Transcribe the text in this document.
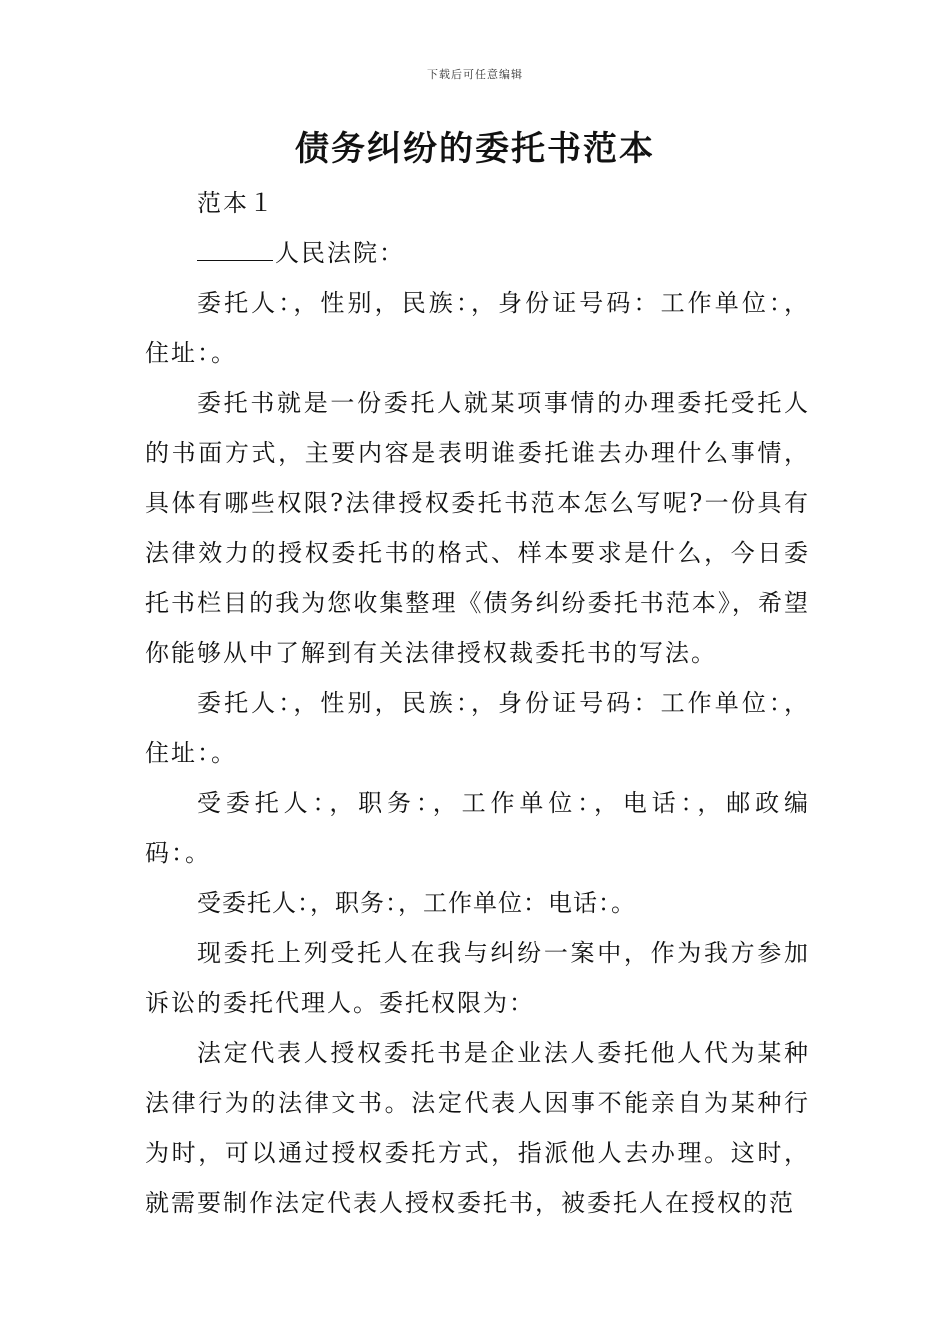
下载后可任意编辑
债务纠纷的委托书范本

范本１

人民法院：

委托人：，性别，民族：，身份证号码：工作单位：，住址：。

委托书就是一份委托人就某项事情的办理委托受托人的书面方式，主要内容是表明谁委托谁去办理什么事情，具体有哪些权限?法律授权委托书范本怎么写呢?一份具有法律效力的授权委托书的格式、样本要求是什么，今日委托书栏目的我为您收集整理《债务纠纷委托书范本》，希望你能够从中了解到有关法律授权裁委托书的写法。

委托人：，性别，民族：，身份证号码：工作单位：，住址：。

受委托人：，职务：，工作单位：，电话：，邮政编码：。

受委托人：，职务：，工作单位：电话：。

现委托上列受托人在我与纠纷一案中，作为我方参加诉讼的委托代理人。委托权限为：

法定代表人授权委托书是企业法人委托他人代为某种法律行为的法律文书。法定代表人因事不能亲自为某种行为时，可以通过授权委托方式，指派他人去办理。这时，就需要制作法定代表人授权委托书，被委托人在授权的范
